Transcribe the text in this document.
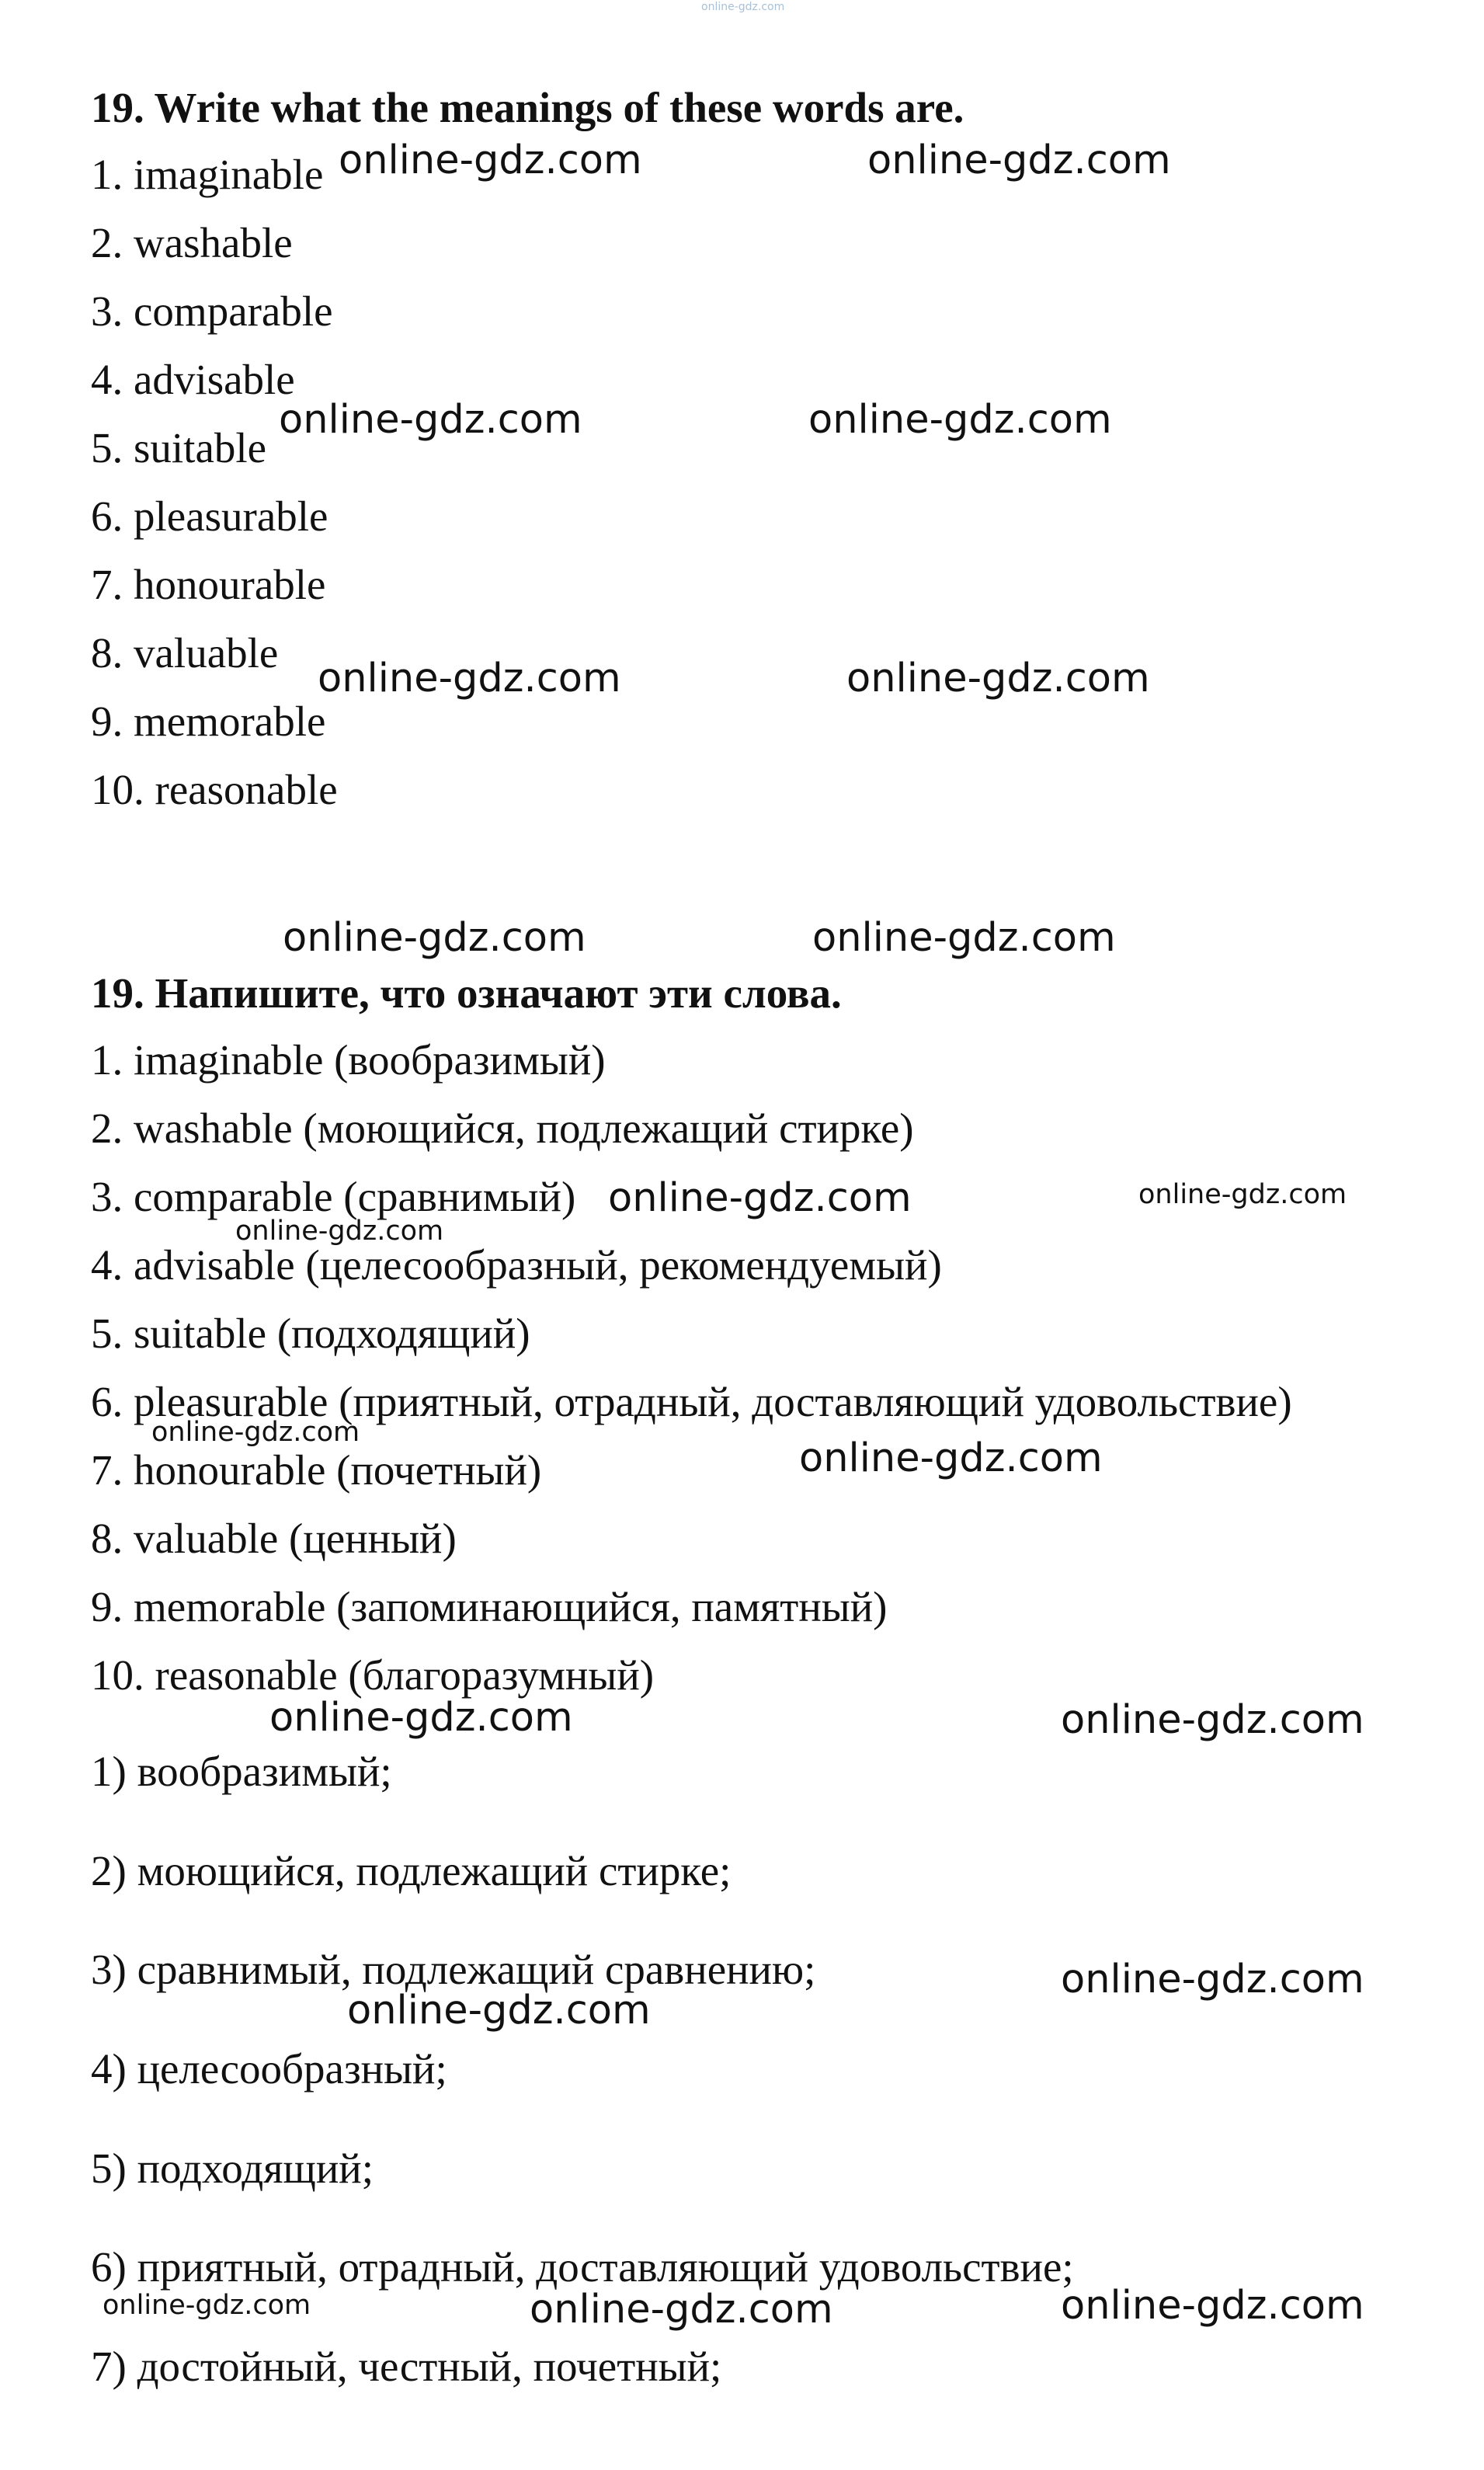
online-gdz.com
19. Write what the meanings of these words are.
1. imaginable
2. washable
3. comparable
4. advisable
5. suitable
6. pleasurable
7. honourable
8. valuable
9. memorable
10. reasonable
19. Напишите, что означают эти слова.
1. imaginable (вообразимый)
2. washable (моющийся, подлежащий стирке)
3. comparable (сравнимый)
4. advisable (целесообразный, рекомендуемый)
5. suitable (подходящий)
6. pleasurable (приятный, отрадный, доставляющий удовольствие)
7. honourable (почетный)
8. valuable (ценный)
9. memorable (запоминающийся, памятный)
10. reasonable (благоразумный)
1) вообразимый;
2) моющийся, подлежащий стирке;
3) сравнимый, подлежащий сравнению;
4) целесообразный;
5) подходящий;
6) приятный, отрадный, доставляющий удовольствие;
7) достойный, честный, почетный;
online-gdz.com	online-gdz.com
online-gdz.com	online-gdz.com
online-gdz.com	online-gdz.com
online-gdz.com	online-gdz.com
online-gdz.com	online-gdz.com
online-gdz.com
online-gdz.com
online-gdz.com
online-gdz.com	online-gdz.com
online-gdz.com
online-gdz.com
online-gdz.com	online-gdz.com	online-gdz.com
